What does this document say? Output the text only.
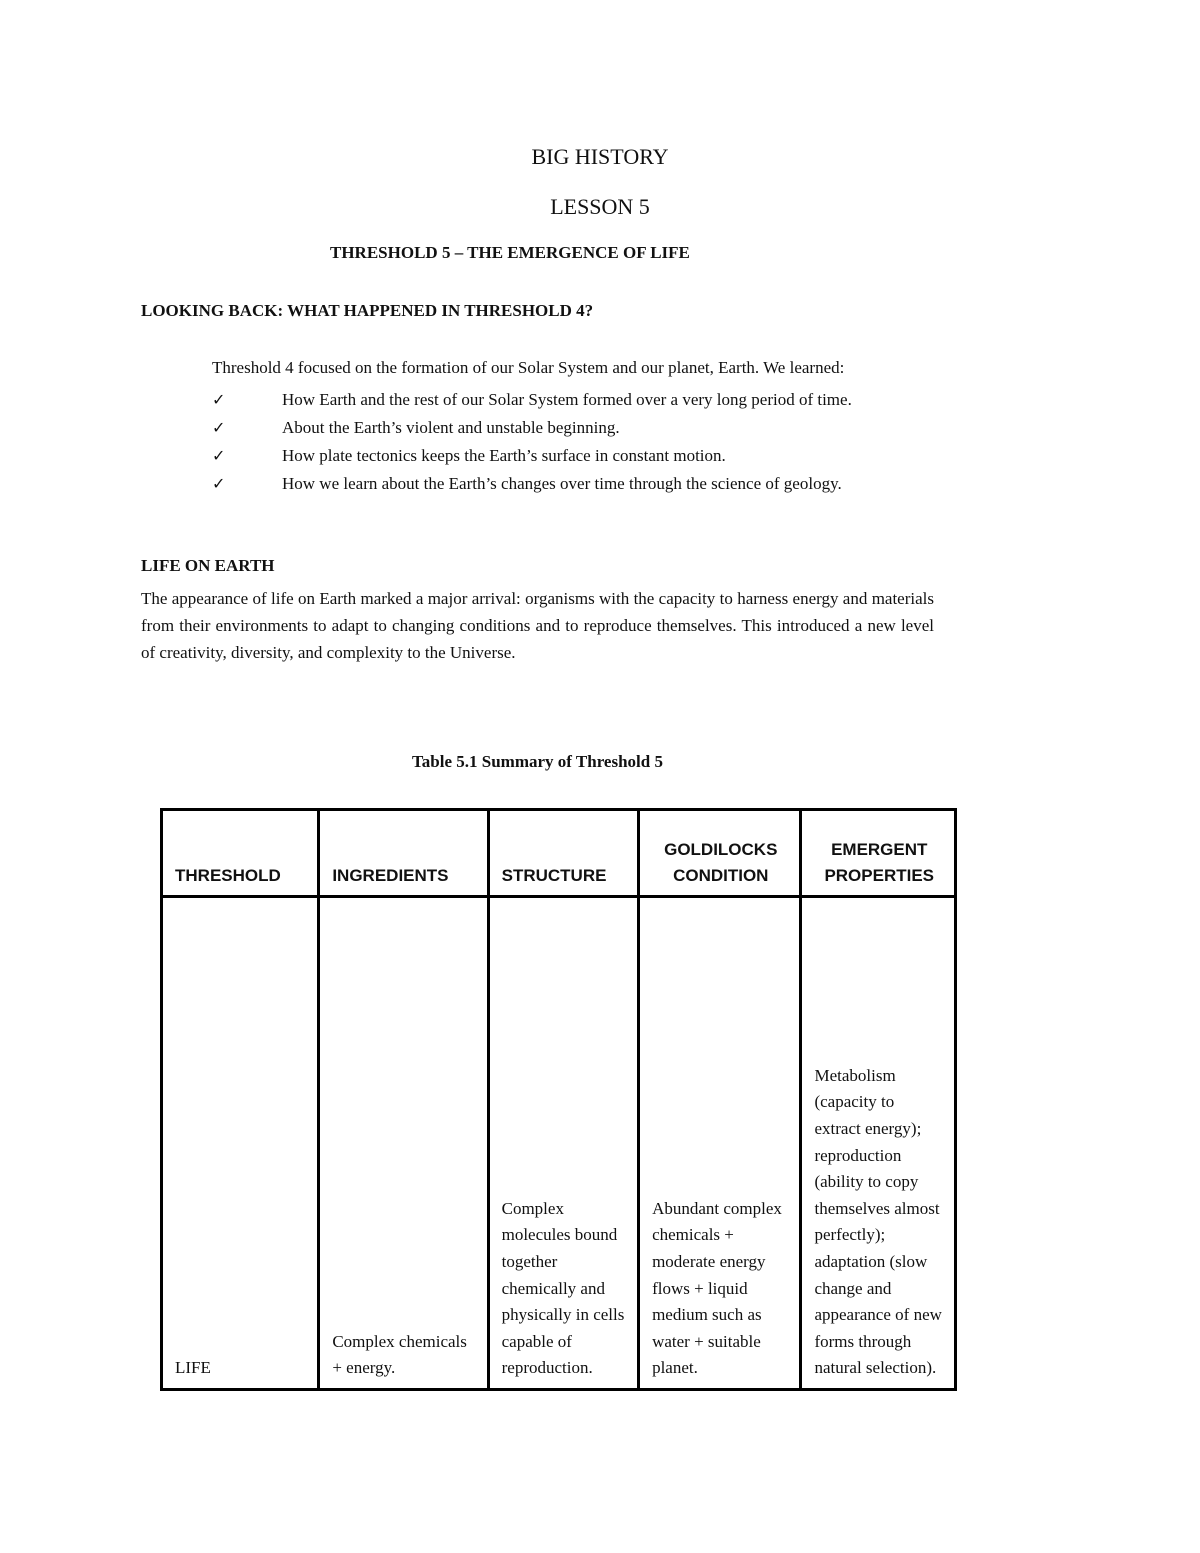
BIG HISTORY
LESSON 5
THRESHOLD 5 – THE EMERGENCE OF LIFE
LOOKING BACK: WHAT HAPPENED IN THRESHOLD 4?
Threshold 4 focused on the formation of our Solar System and our planet, Earth. We learned:
✓	How Earth and the rest of our Solar System formed over a very long period of time.
✓	About the Earth’s violent and unstable beginning.
✓	How plate tectonics keeps the Earth’s surface in constant motion.
✓	How we learn about the Earth’s changes over time through the science of geology.
LIFE ON EARTH
The appearance of life on Earth marked a major arrival: organisms with the capacity to harness energy and materials from their environments to adapt to changing conditions and to reproduce themselves. This introduced a new level of creativity, diversity, and complexity to the Universe.
Table 5.1 Summary of Threshold 5
THRESHOLD	INGREDIENTS	STRUCTURE	GOLDILOCKS CONDITION	EMERGENT PROPERTIES

LIFE	Complex chemicals + energy.	Complex molecules bound together chemically and physically in cells capable of reproduction.	Abundant complex chemicals + moderate energy flows + liquid medium such as water + suitable planet.	Metabolism (capacity to extract energy); reproduction (ability to copy themselves almost perfectly); adaptation (slow change and appearance of new forms through natural selection).
